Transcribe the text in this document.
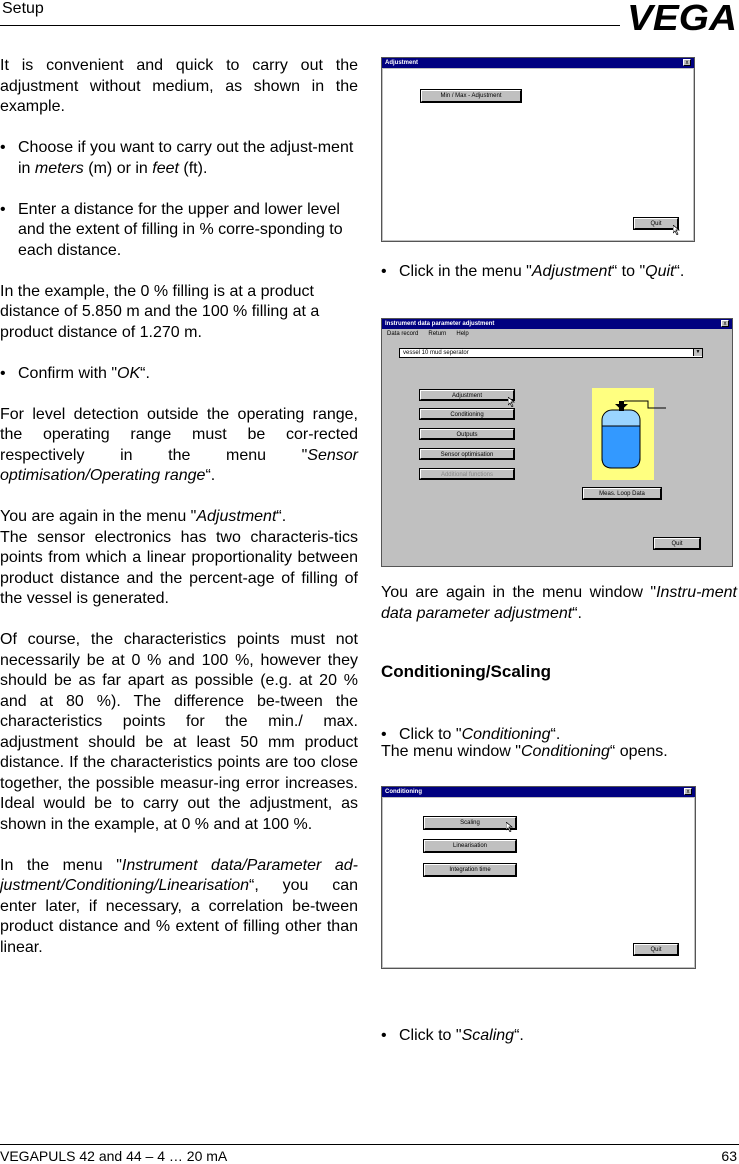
Setup	VEGA

It is convenient and quick to carry out the adjustment without medium, as shown in the example.

• Choose if you want to carry out the adjust-ment in meters (m) or in feet (ft).

• Enter a distance for the upper and lower level and the extent of filling in % corre-sponding to each distance.

In the example, the 0 % filling is at a product distance of 5.850 m and the 100 % filling at a product distance of 1.270 m.

• Confirm with "OK“.

For level detection outside the operating range, the operating range must be cor-rected respectively in the menu "Sensor optimisation/Operating range“.

You are again in the menu "Adjustment“.
The sensor electronics has two characteris-tics points from which a linear proportionality between product distance and the percent-age of filling of the vessel is generated.

Of course, the characteristics points must not necessarily be at 0 % and 100 %, however they should be as far apart as possible (e.g. at 20 % and at 80 %). The difference be-tween the characteristics points for the min./ max. adjustment should be at least 50 mm product distance. If the characteristics points are too close together, the possible measur-ing error increases. Ideal would be to carry out the adjustment, as shown in the example, at 0 % and at 100 %.

In the menu "Instrument data/Parameter ad-justment/Conditioning/Linearisation“, you can enter later, if necessary, a correlation be-tween product distance and % extent of filling other than linear.

Adjustment	x
Min / Max - Adjustment
Quit
• Click in the menu "Adjustment“ to "Quit“.
Instrument data parameter adjustment	x
Data record Return Help
vessel 10 mud seperator	▼
Adjustment
Conditioning
Outputs
Sensor optimisation
Additional functions
Meas. Loop Data
Quit
You are again in the menu window "Instru-ment data parameter adjustment“.
Conditioning/Scaling
• Click to "Conditioning“.
The menu window "Conditioning“ opens.
Conditioning	x
Scaling
Linearisation
Integration time
Quit
• Click to "Scaling“.
VEGAPULS 42 and 44 – 4 … 20 mA	63
